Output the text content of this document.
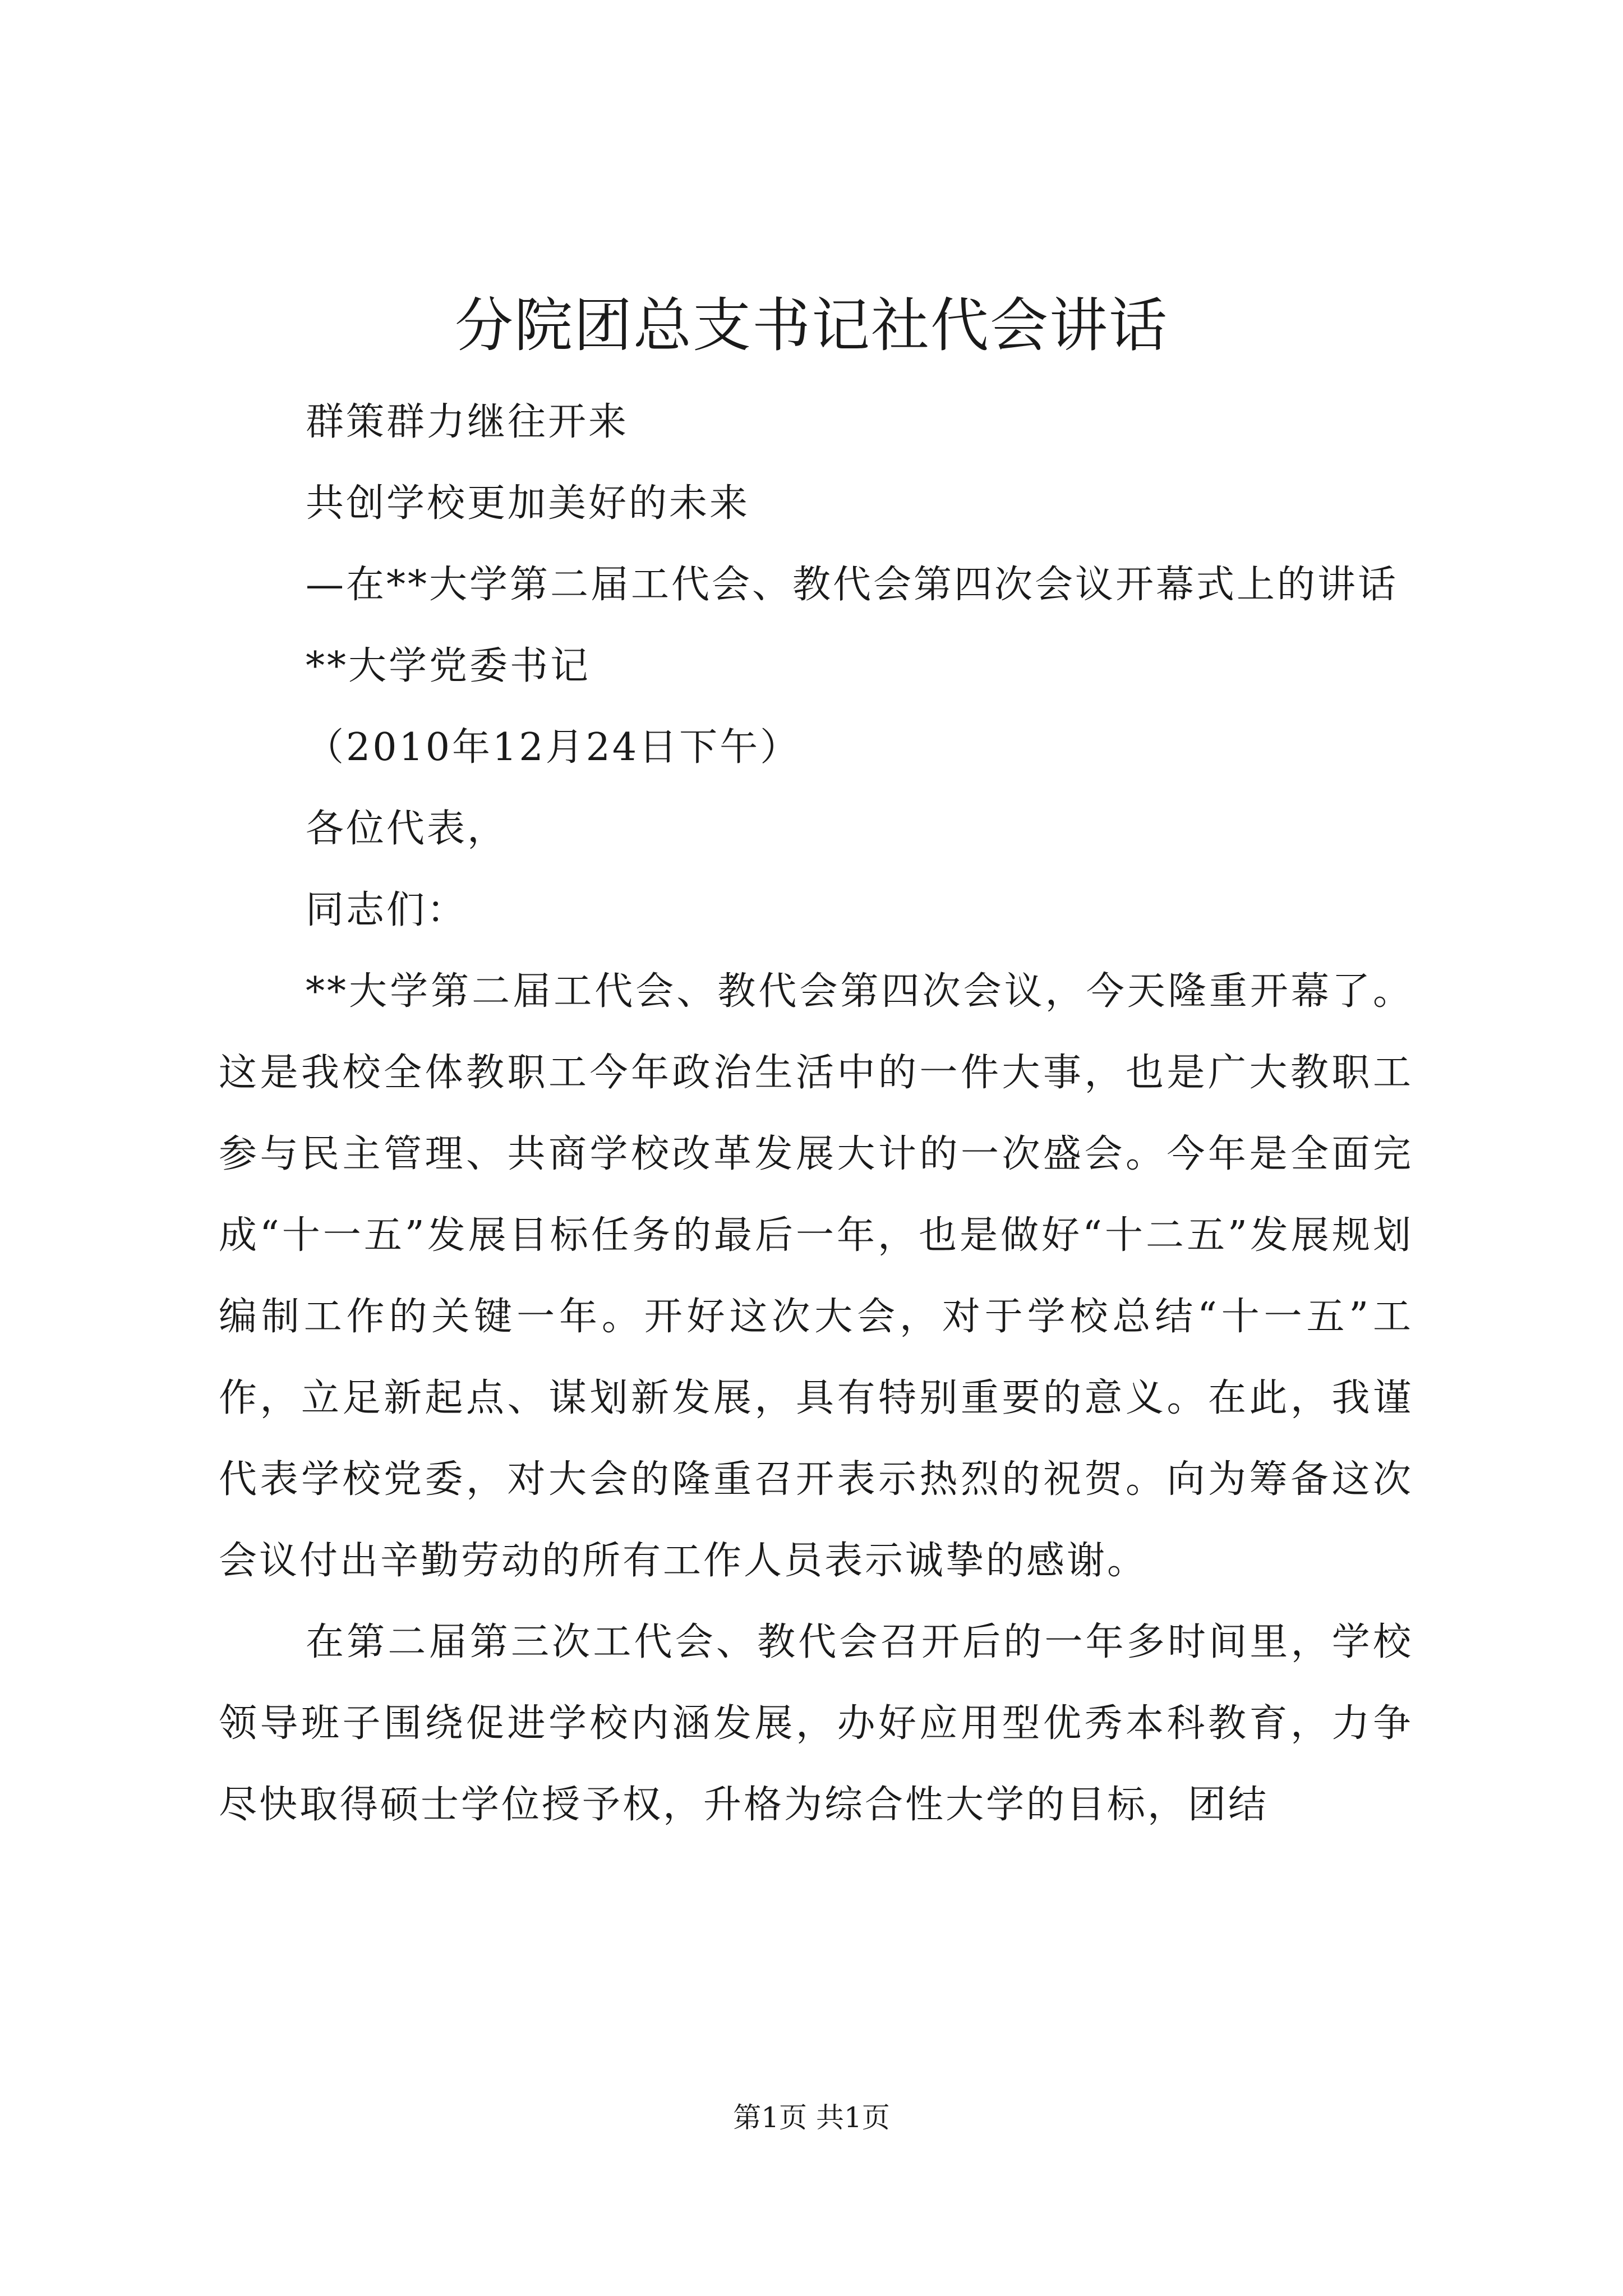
分院团总支书记社代会讲话

群策群力继往开来

共创学校更加美好的未来

—在**大学第二届工代会、教代会第四次会议开幕式上的讲话

**大学党委书记

（2010年12月24日下午）

各位代表，

同志们：

**大学第二届工代会、教代会第四次会议，今天隆重开幕了。这是我校全体教职工今年政治生活中的一件大事，也是广大教职工参与民主管理、共商学校改革发展大计的一次盛会。今年是全面完成“十一五”发展目标任务的最后一年，也是做好“十二五”发展规划编制工作的关键一年。开好这次大会，对于学校总结“十一五”工作，立足新起点、谋划新发展，具有特别重要的意义。在此，我谨代表学校党委，对大会的隆重召开表示热烈的祝贺。向为筹备这次会议付出辛勤劳动的所有工作人员表示诚挚的感谢。

在第二届第三次工代会、教代会召开后的一年多时间里，学校领导班子围绕促进学校内涵发展，办好应用型优秀本科教育，力争尽快取得硕士学位授予权，升格为综合性大学的目标，团结

第1页 共1页
